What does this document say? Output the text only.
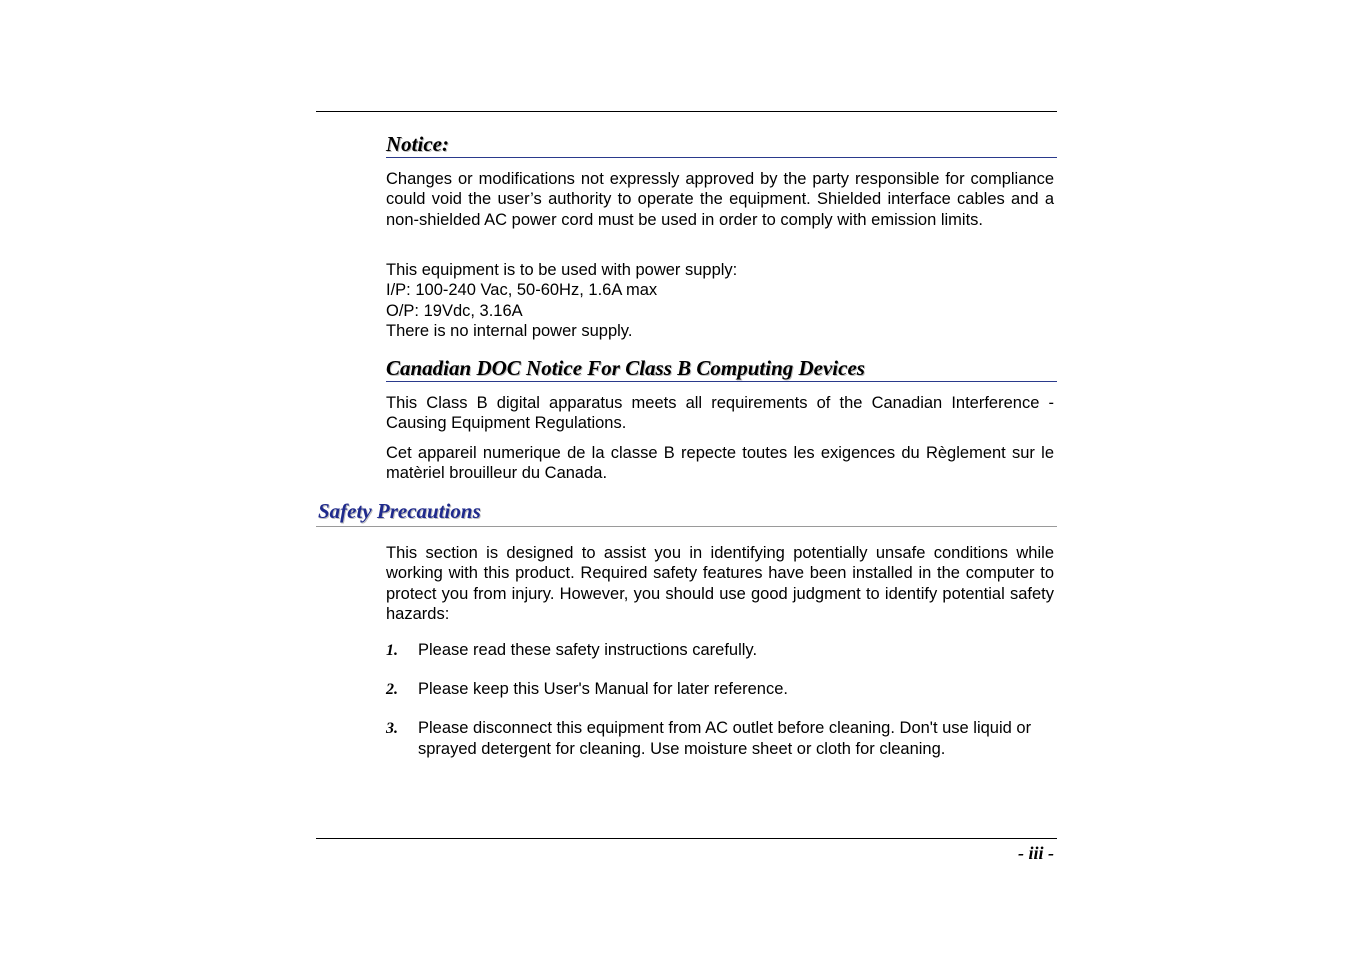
Notice:

Changes or modifications not expressly approved by the party responsible for compliance could void the user’s authority to operate the equipment. Shielded interface cables and a non-shielded AC power cord must be used in order to comply with emission limits.

This equipment is to be used with power supply:
I/P: 100-240 Vac, 50-60Hz, 1.6A max
O/P: 19Vdc, 3.16A
There is no internal power supply.

Canadian DOC Notice For Class B Computing Devices

This Class B digital apparatus meets all requirements of the Canadian Interference - Causing Equipment Regulations.

Cet appareil numerique de la classe B repecte toutes les exigences du Règlement sur le matèriel brouilleur du Canada.

Safety Precautions

This section is designed to assist you in identifying potentially unsafe conditions while working with this product. Required safety features have been installed in the computer to protect you from injury. However, you should use good judgment to identify potential safety hazards:

1. Please read these safety instructions carefully.
2. Please keep this User's Manual for later reference.
3. Please disconnect this equipment from AC outlet before cleaning. Don't use liquid or sprayed detergent for cleaning. Use moisture sheet or cloth for cleaning.
- iii -
